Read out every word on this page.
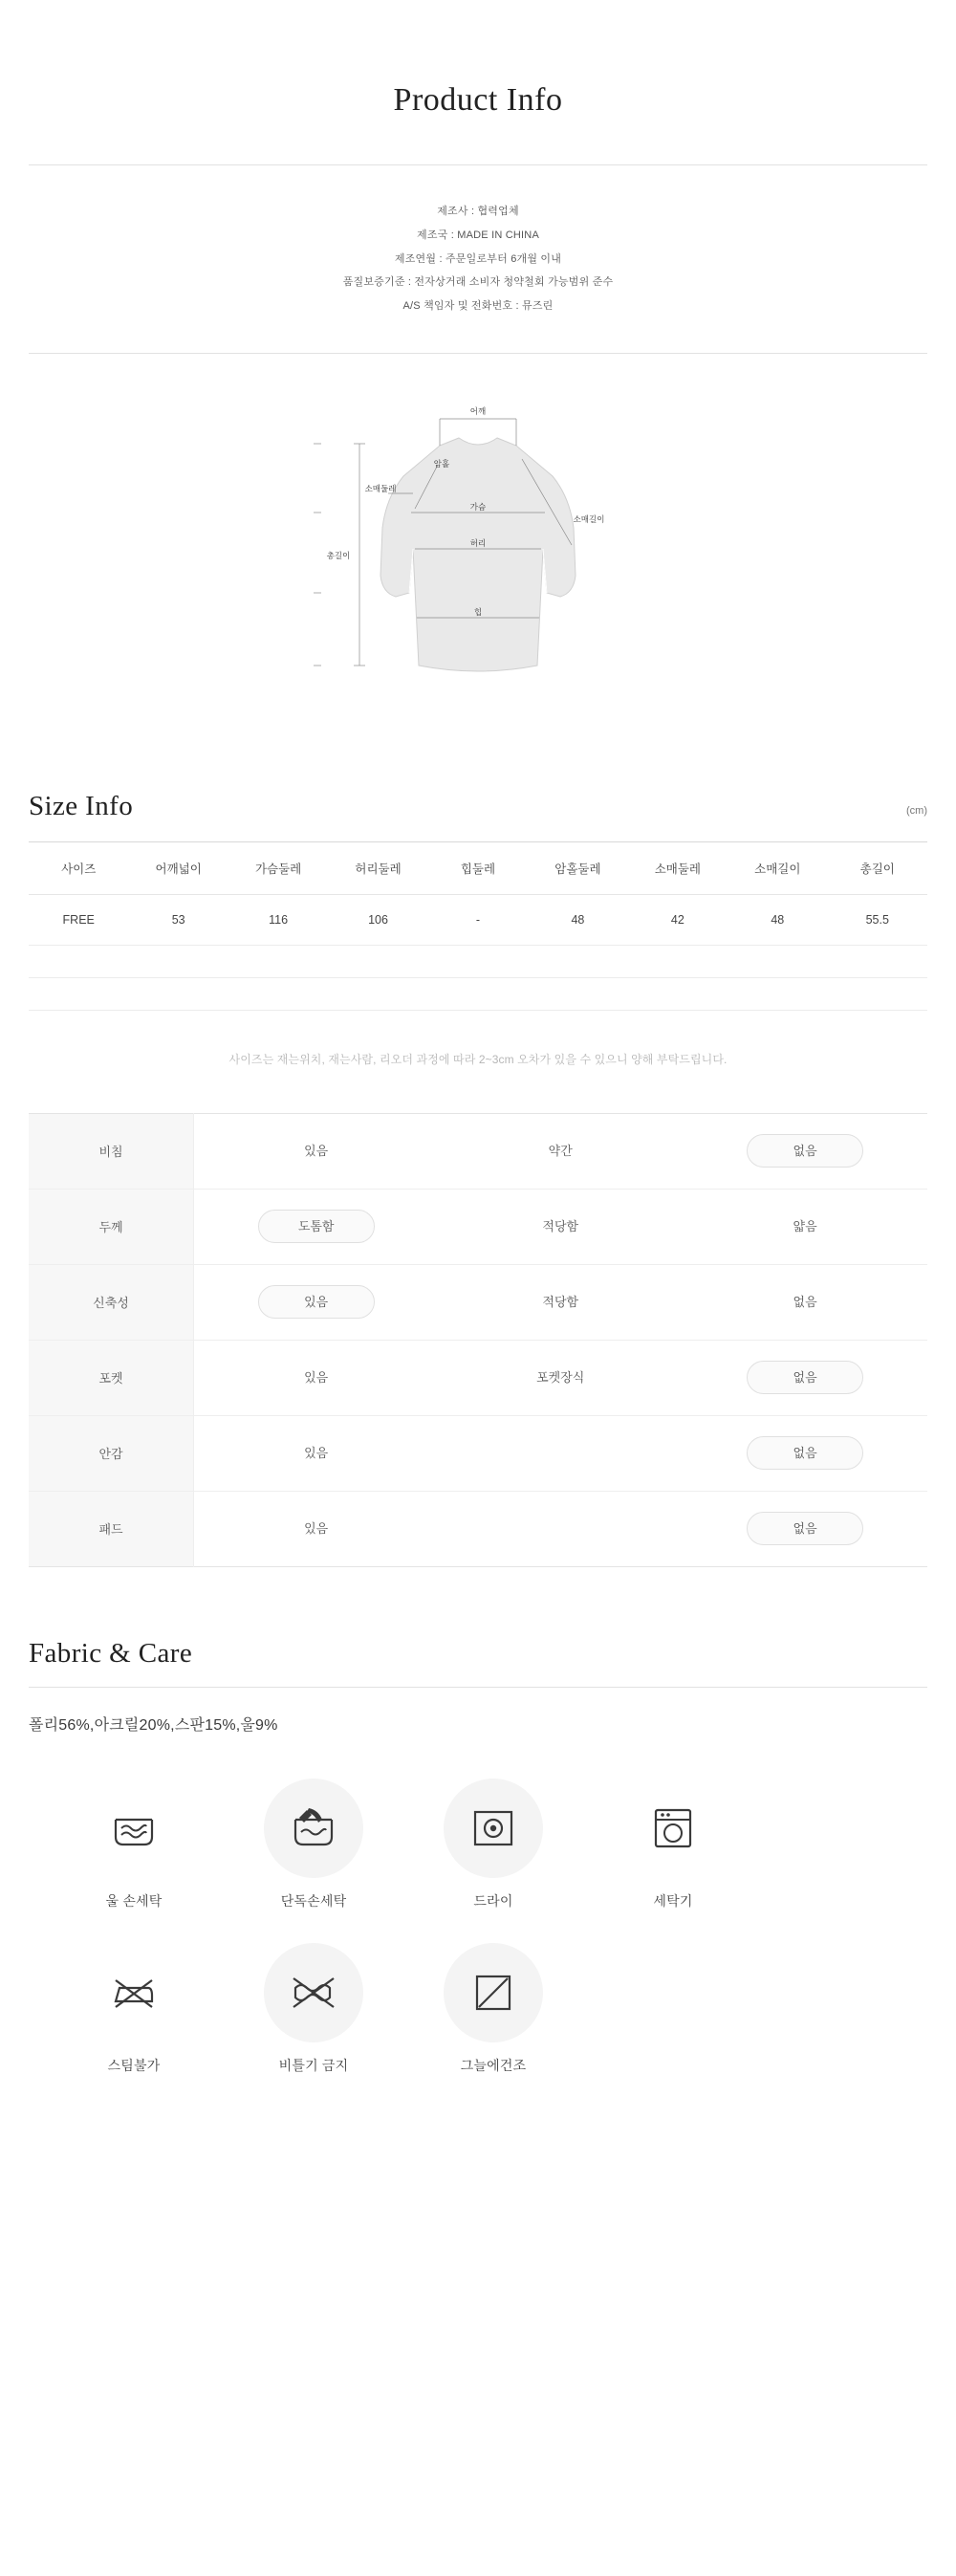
Product Info
제조사 : 협력업체
제조국 : MADE IN CHINA
제조연월 : 주문일로부터 6개월 이내
품질보증기준 : 전자상거래 소비자 청약철회 가능범위 준수
A/S 책임자 및 전화번호 : 뮤즈린
어깨
암홀
소매둘레
가슴
소매길이
허리
힙
총길이
Size Info	(cm)
사이즈	어깨넓이	가슴둘레	허리둘레	힙둘레	암홀둘레	소매둘레	소매길이	총길이
FREE	53	116	106	-	48	42	48	55.5

사이즈는 재는위치, 재는사람, 리오더 과정에 따라 2~3cm 오차가 있을 수 있으니 양해 부탁드립니다.
비침	있음	약간	없음
두께	도톰함	적당함	얇음
신축성	있음	적당함	없음
포켓	있음	포켓장식	없음
안감	있음		없음
패드	있음		없음
Fabric & Care
폴리56%,아크릴20%,스판15%,울9%
울 손세탁	단독손세탁	드라이	세탁기
스팀불가	비틀기 금지	그늘에건조
